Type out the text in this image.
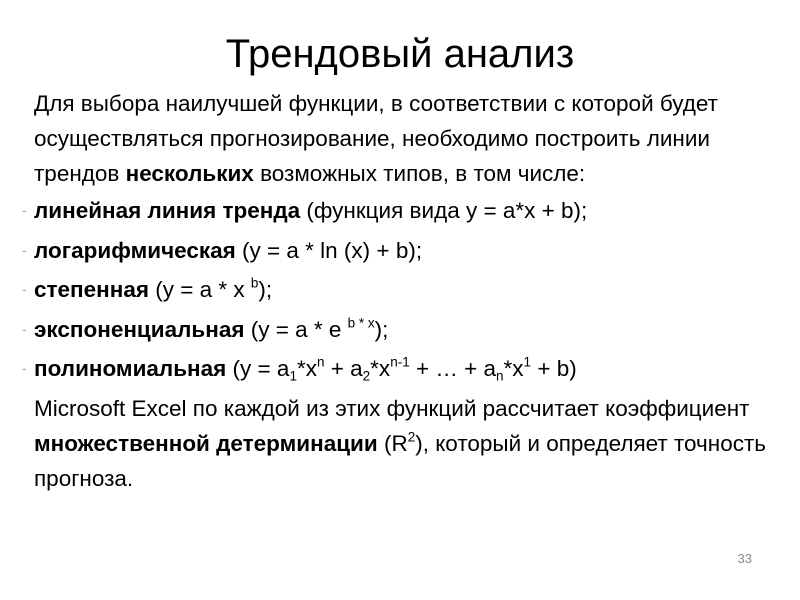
Трендовый анализ

Для выбора наилучшей функции, в соответствии с которой будет осуществляться прогнозирование, необходимо построить линии трендов нескольких возможных типов, в том числе:

- линейная линия тренда (функция вида y = a*x + b);

- логарифмическая (y = a * ln (x) + b);

- степенная (y = a * x $^b$);

- экспоненциальная (y = a * e $^{b * x}$);

- полиномиальная ($y = a_1*x^n + a_2*x^{n-1}$ + … + $a_n*x^1 + b$)

Microsoft Excel по каждой из этих функций рассчитает коэффициент множественной детерминации $(R^2)$, который и определяет точность прогноза.

33
